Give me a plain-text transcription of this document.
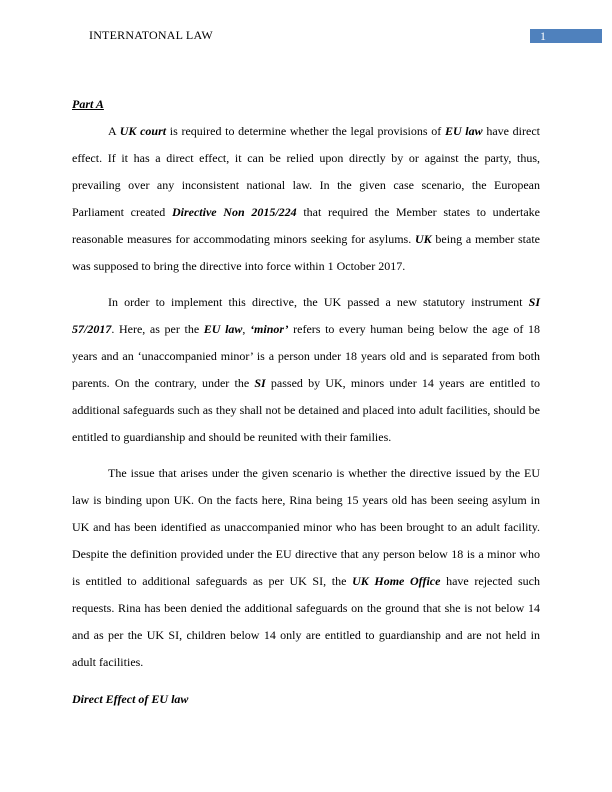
INTERNATONAL LAW	1

Part A

A UK court is required to determine whether the legal provisions of EU law have direct effect. If it has a direct effect, it can be relied upon directly by or against the party, thus, prevailing over any inconsistent national law. In the given case scenario, the European Parliament created Directive Non 2015/224 that required the Member states to undertake reasonable measures for accommodating minors seeking for asylums. UK being a member state was supposed to bring the directive into force within 1 October 2017.

In order to implement this directive, the UK passed a new statutory instrument SI 57/2017. Here, as per the EU law, ‘minor’ refers to every human being below the age of 18 years and an ‘unaccompanied minor’ is a person under 18 years old and is separated from both parents. On the contrary, under the SI passed by UK, minors under 14 years are entitled to additional safeguards such as they shall not be detained and placed into adult facilities, should be entitled to guardianship and should be reunited with their families.

The issue that arises under the given scenario is whether the directive issued by the EU law is binding upon UK. On the facts here, Rina being 15 years old has been seeing asylum in UK and has been identified as unaccompanied minor who has been brought to an adult facility. Despite the definition provided under the EU directive that any person below 18 is a minor who is entitled to additional safeguards as per UK SI, the UK Home Office have rejected such requests. Rina has been denied the additional safeguards on the ground that she is not below 14 and as per the UK SI, children below 14 only are entitled to guardianship and are not held in adult facilities.

Direct Effect of EU law
